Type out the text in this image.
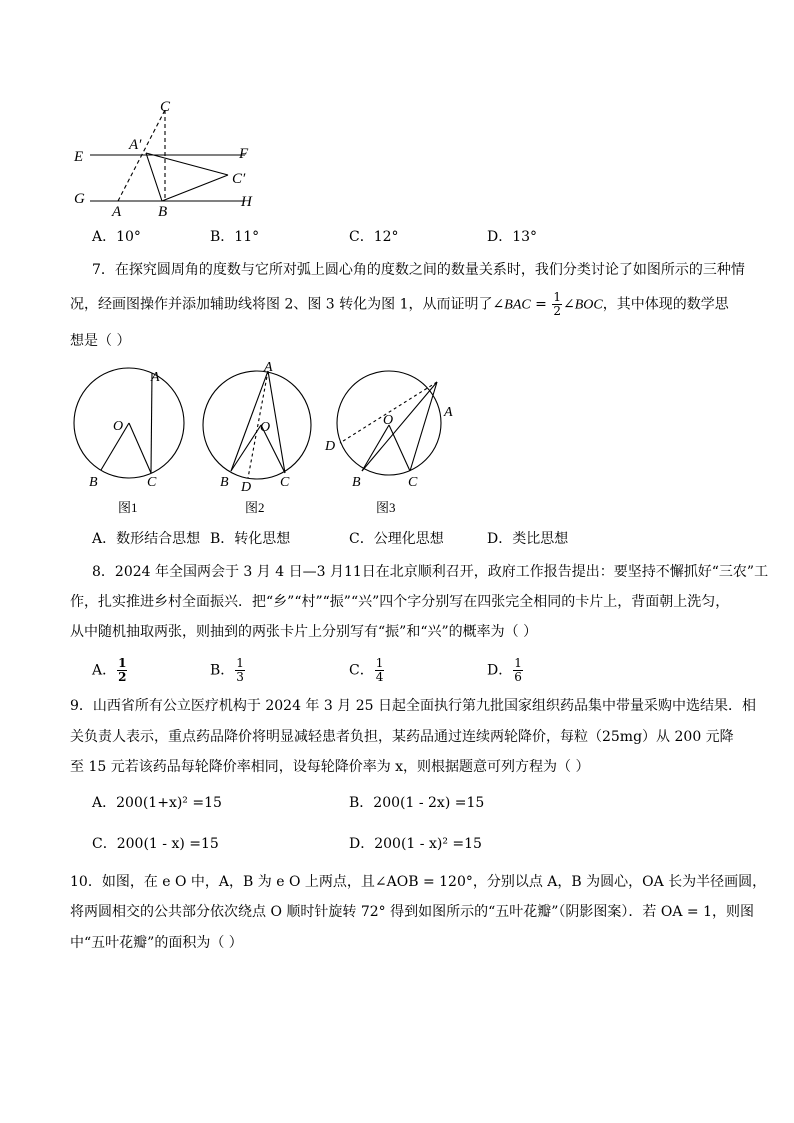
C
A′
E	F
C′
G
A B
H
A．10°	B．11°	C．12°	D．13°
7．在探究圆周角的度数与它所对弧上圆心角的度数之间的数量关系时，我们分类讨论了如图所示的三种情
况，经画图操作并添加辅助线将图 2、图 3 转化为图 1，从而证明了∠BAC = $\frac{1}{2}$ ∠BOC，其中体现的数学思
想是（ ）
A
O
B	C
图1
A
O
B D C
图2
O
A
D
B	C
图3
A．数形结合思想 B．转化思想	C．公理化思想	D．类比思想
8．2024 年全国两会于 3 月 4 日—3 月11日在北京顺利召开，政府工作报告提出：要坚持不懈抓好“三农”工
作，扎实推进乡村全面振兴．把“乡”“村”“振”“兴”四个字分别写在四张完全相同的卡片上，背面朝上洗匀，
从中随机抽取两张，则抽到的两张卡片上分别写有“振”和“兴”的概率为（ ）
A． $\frac{1}{2}$	B． $\frac{1}{3}$	C． $\frac{1}{4}$	D． $\frac{1}{6}$
9．山西省所有公立医疗机构于 2024 年 3 月 25 日起全面执行第九批国家组织药品集中带量采购中选结果．相
关负责人表示，重点药品降价将明显减轻患者负担，某药品通过连续两轮降价，每粒（25mg）从 200 元降
至 15 元若该药品每轮降价率相同，设每轮降价率为 x，则根据题意可列方程为（ ）
A．200(1+x)² =15	B．200(1 - 2x) =15
C．200(1 - x) =15	D．200(1 - x)² =15
10．如图，在 e O 中，A，B 为 e O 上两点，且∠AOB = 120°，分别以点 A，B 为圆心，OA 长为半径画圆，
将两圆相交的公共部分依次绕点 O 顺时针旋转 72° 得到如图所示的“五叶花瓣”（阴影图案）．若 OA = 1，则图
中“五叶花瓣”的面积为（ ）
